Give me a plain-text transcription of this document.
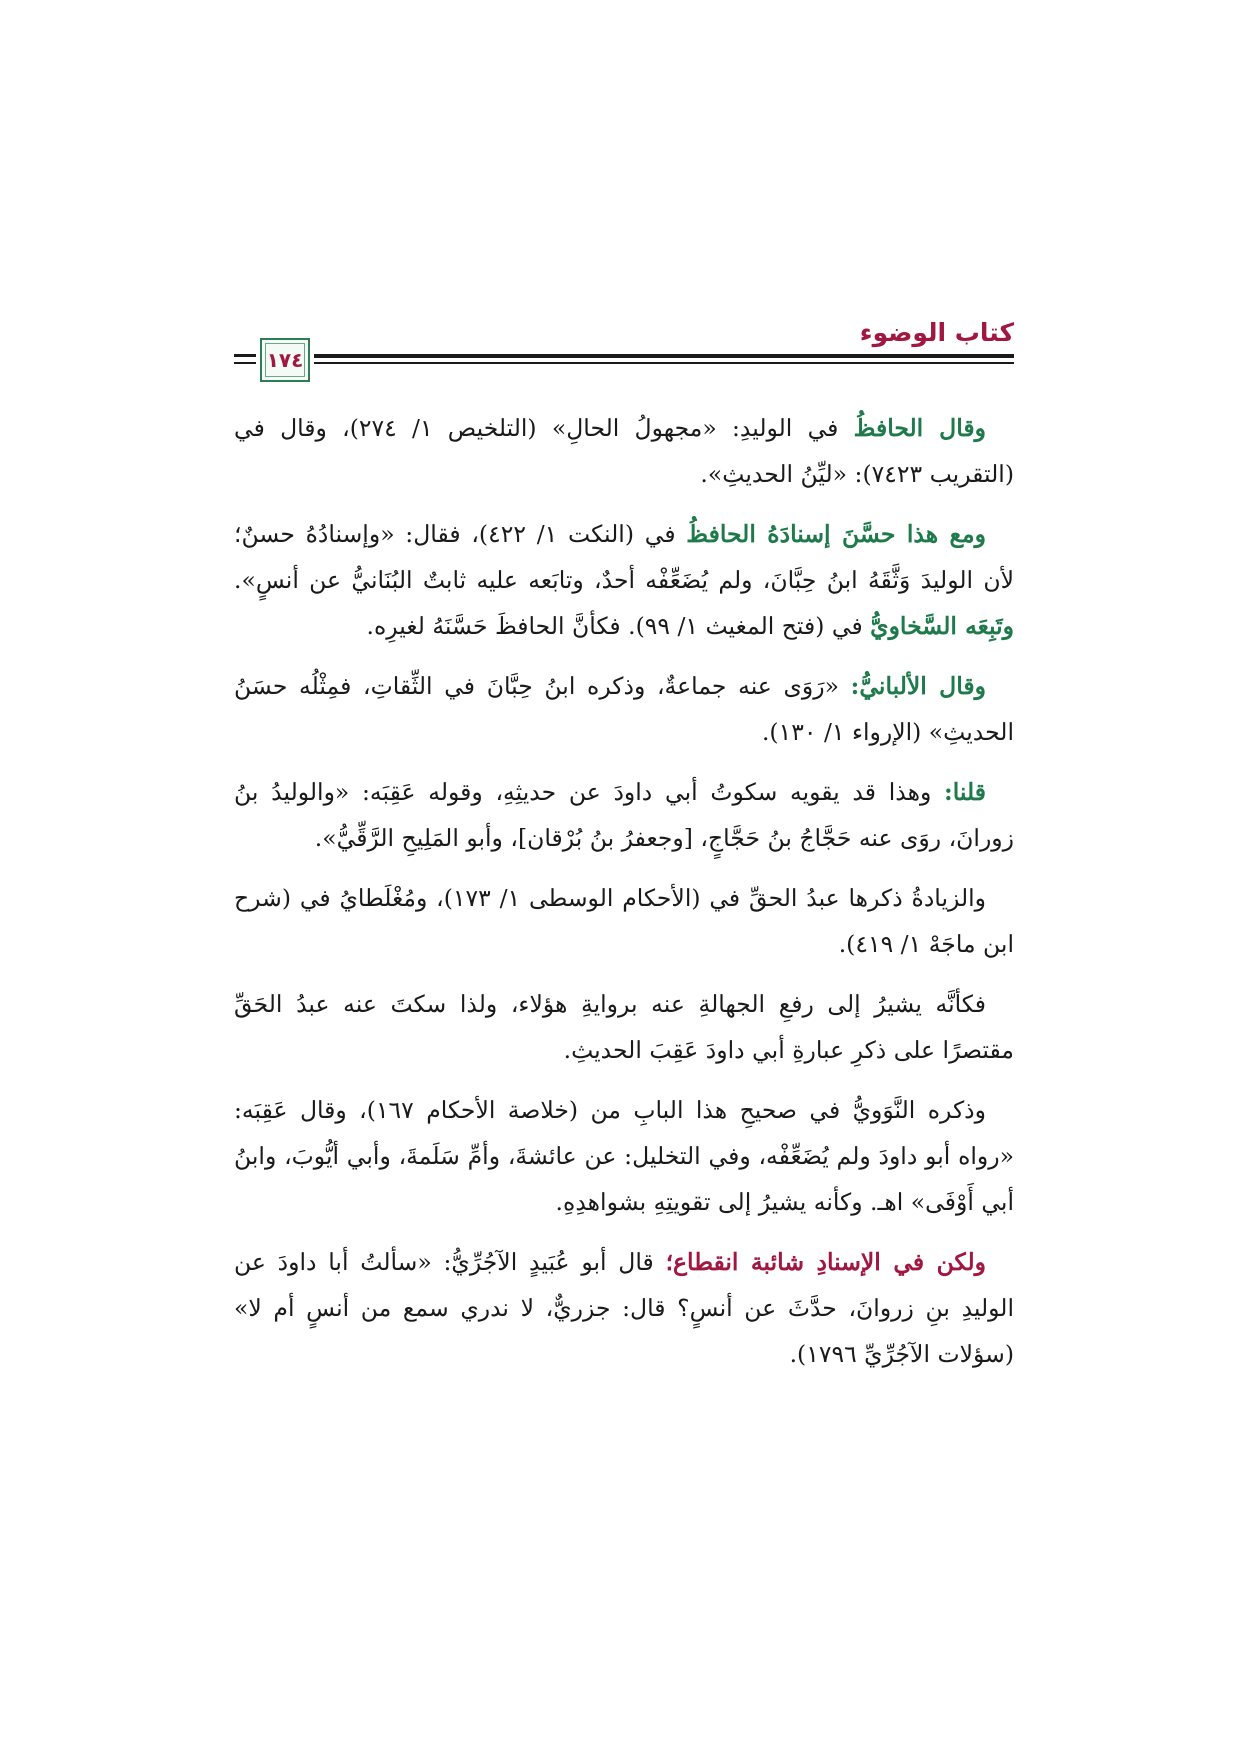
كتاب الوضوء
١٧٤

وقال الحافظُ في الوليدِ: «مجهولُ الحالِ» (التلخيص ١/ ٢٧٤)، وقال في (التقريب ٧٤٢٣): «ليِّنُ الحديثِ».

ومع هذا حسَّنَ إسنادَهُ الحافظُ في (النكت ١/ ٤٢٢)، فقال: «وإسنادُهُ حسنٌ؛ لأن الوليدَ وَثَّقَهُ ابنُ حِبَّانَ، ولم يُضَعِّفْه أحدٌ، وتابَعه عليه ثابتٌ البُنَانيُّ عن أنسٍ». وتَبِعَه السَّخاويُّ في (فتح المغيث ١/ ٩٩). فكأنَّ الحافظَ حَسَّنَهُ لغيرِه.

وقال الألبانيُّ: «رَوَى عنه جماعةٌ، وذكره ابنُ حِبَّانَ في الثِّقاتِ، فمِثْلُه حسَنُ الحديثِ» (الإرواء ١/ ١٣٠).

قلنا: وهذا قد يقويه سكوتُ أبي داودَ عن حديثِهِ، وقوله عَقِبَه: «والوليدُ بنُ زورانَ، روَى عنه حَجَّاجُ بنُ حَجَّاجٍ، [وجعفرُ بنُ بُرْقان]، وأبو المَلِيحِ الرَّقِّيُّ».

والزيادةُ ذكرها عبدُ الحقِّ في (الأحكام الوسطى ١/ ١٧٣)، ومُغْلَطايُ في (شرح ابن ماجَهْ ١/ ٤١٩).

فكأنَّه يشيرُ إلى رفعِ الجهالةِ عنه بروايةِ هؤلاء، ولذا سكتَ عنه عبدُ الحَقِّ مقتصرًا على ذكرِ عبارةِ أبي داودَ عَقِبَ الحديثِ.

وذكره النَّوَويُّ في صحيحِ هذا البابِ من (خلاصة الأحكام ١٦٧)، وقال عَقِبَه: «رواه أبو داودَ ولم يُضَعِّفْه، وفي التخليل: عن عائشةَ، وأمِّ سَلَمةَ، وأبي أيُّوبَ، وابنُ أبي أَوْفَى» اهـ. وكأنه يشيرُ إلى تقويتِهِ بشواهدِهِ.

ولكن في الإسنادِ شائبة انقطاع؛ قال أبو عُبَيدٍ الآجُرِّيُّ: «سألتُ أبا داودَ عن الوليدِ بنِ زروانَ، حدَّثَ عن أنسٍ؟ قال: جزريٌّ، لا ندري سمع من أنسٍ أم لا» (سؤلات الآجُرِّيِّ ١٧٩٦).
